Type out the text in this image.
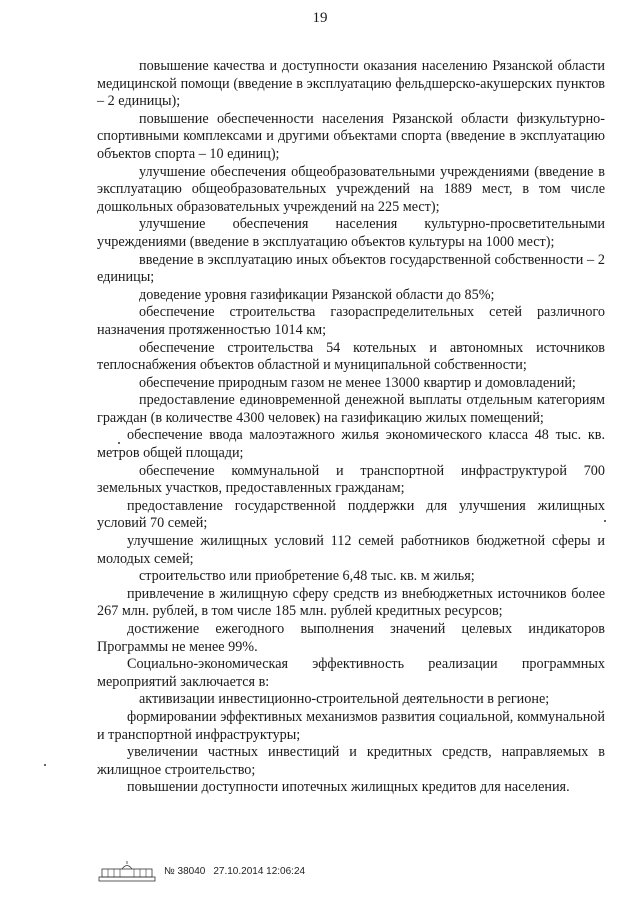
19

повышение качества и доступности оказания населению Рязанской области медицинской помощи (введение в эксплуатацию фельдшерско-акушерских пунктов – 2 единицы);

повышение обеспеченности населения Рязанской области физкультурно-спортивными комплексами и другими объектами спорта (введение в эксплуатацию объектов спорта – 10 единиц);

улучшение обеспечения общеобразовательными учреждениями (введение в эксплуатацию общеобразовательных учреждений на 1889 мест, в том числе дошкольных образовательных учреждений на 225 мест);

улучшение обеспечения населения культурно-просветительными учреждениями (введение в эксплуатацию объектов культуры на 1000 мест);

введение в эксплуатацию иных объектов государственной собственности – 2 единицы;

доведение уровня газификации Рязанской области до 85%;

обеспечение строительства газораспределительных сетей различного назначения протяженностью 1014 км;

обеспечение строительства 54 котельных и автономных источников теплоснабжения объектов областной и муниципальной собственности;

обеспечение природным газом не менее 13000 квартир и домовладений;

предоставление единовременной денежной выплаты отдельным категориям граждан (в количестве 4300 человек) на газификацию жилых помещений;

обеспечение ввода малоэтажного жилья экономического класса 48 тыс. кв. метров общей площади;

обеспечение коммунальной и транспортной инфраструктурой 700 земельных участков, предоставленных гражданам;

предоставление государственной поддержки для улучшения жилищных условий 70 семей;

улучшение жилищных условий 112 семей работников бюджетной сферы и молодых семей;

строительство или приобретение 6,48 тыс. кв. м жилья;

привлечение в жилищную сферу средств из внебюджетных источников более 267 млн. рублей, в том числе 185 млн. рублей кредитных ресурсов;

достижение ежегодного выполнения значений целевых индикаторов Программы не менее 99%.

Социально-экономическая эффективность реализации программных мероприятий заключается в:

активизации инвестиционно-строительной деятельности в регионе;

формировании эффективных механизмов развития социальной, коммунальной и транспортной инфраструктуры;

увеличении частных инвестиций и кредитных средств, направляемых в жилищное строительство;

повышении доступности ипотечных жилищных кредитов для населения.

№ 38040 27.10.2014 12:06:24
